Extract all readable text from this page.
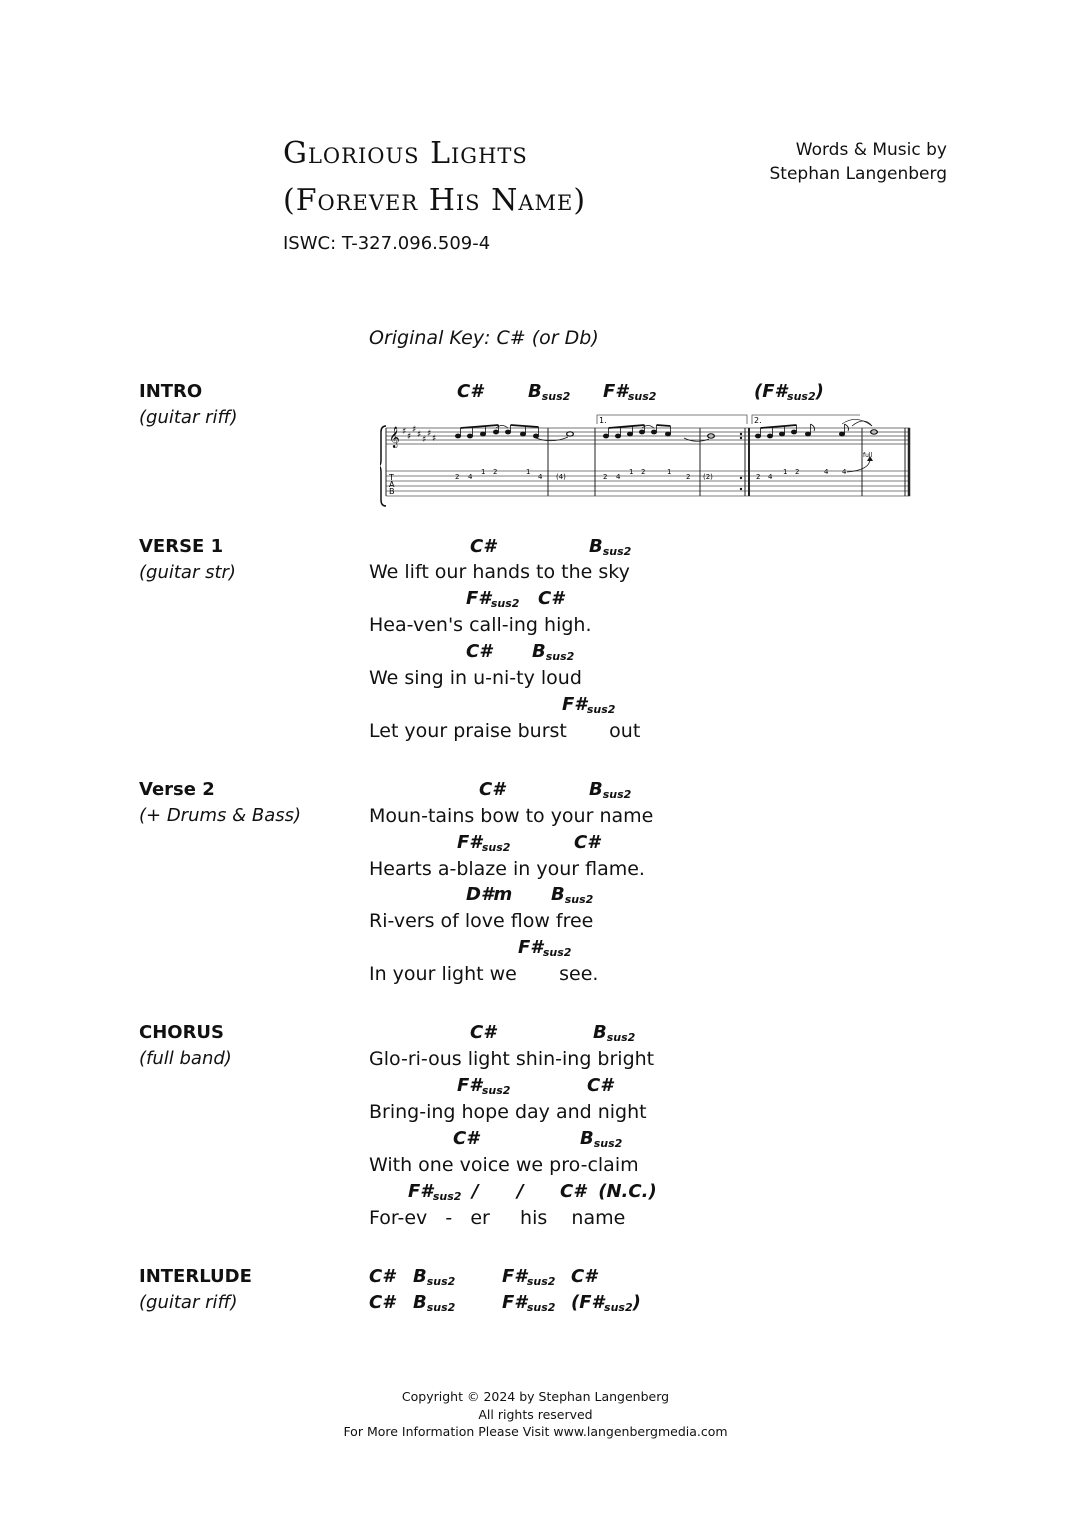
Glorious Lights
(Forever His Name)
ISWC: T-327.096.509-4
Words & Music by
Stephan Langenberg
Original Key: C# (or Db)
INTRO
(guitar riff)
C#	$B_{sus2}$ $F\#_{sus2}$	$(F\#_{sus2})$
𝄞 ♯ ♯
♯ ♯ ♯
♯ ♯
T
A
B
1.	2.
2 4
1 2	1
4 (4)	2 4
1 2	1
2 (2)	2 4
1 2	4 4
full
VERSE 1
(guitar str)
C#	$B_{sus2}$
We lift our hands to the sky
$F\#_{sus2}$ C#
Hea-ven's call-ing high.
C# $B_{sus2}$
We sing in u-ni-ty loud
$F\#_{sus2}$
Let your praise burst       out
Verse 2
(+ Drums & Bass)
C#	$B_{sus2}$
Moun-tains bow to your name
$F\#_{sus2}$	C#
Hearts a-blaze in your flame.
D#m $B_{sus2}$
Ri-vers of love flow free
$F\#_{sus2}$
In your light we       see.
CHORUS
(full band)
C#	$B_{sus2}$
Glo-ri-ous light shin-ing bright
$F\#_{sus2}$	C#
Bring-ing hope day and night
C#	$B_{sus2}$
With one voice we pro-claim
$F\#_{sus2}$ / / C#  (N.C.)
For-ev   -   er     his    name
INTERLUDE
(guitar riff)
C# $B_{sus2}$	$F\#_{sus2}$ C#
C# $B_{sus2}$	$F\#_{sus2}$ $(F\#_{sus2})$
Copyright © 2024 by Stephan Langenberg
All rights reserved
For More Information Please Visit www.langenbergmedia.com
